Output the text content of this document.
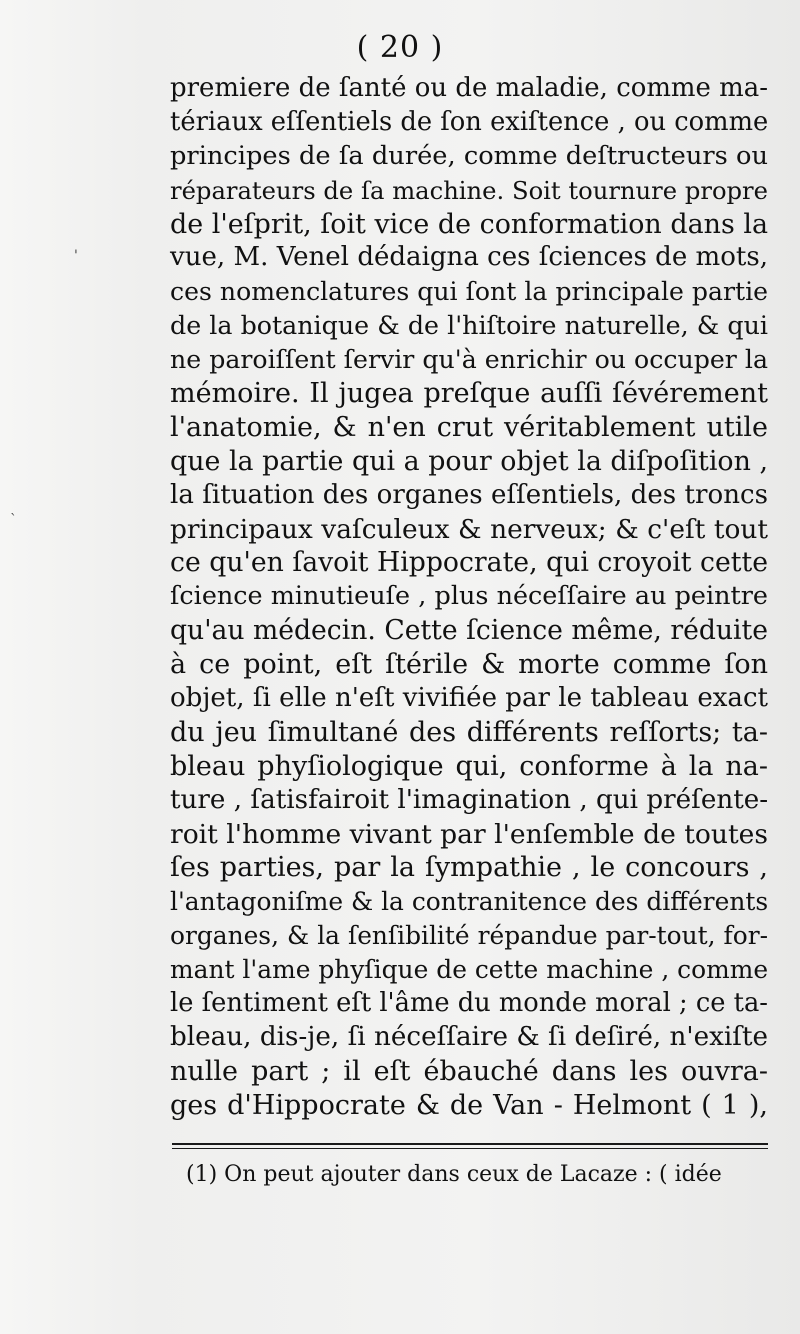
( 20 )
premiere de ſanté ou de maladie, comme ma-
tériaux eſſentiels de ſon exiſtence , ou comme
principes de ſa durée, comme deſtructeurs ou
réparateurs de ſa machine. Soit tournure propre
de l'eſprit, ſoit vice de conformation dans la
vue, M. Venel dédaigna ces ſciences de mots,
ces nomenclatures qui ſont la principale partie
de la botanique & de l'hiſtoire naturelle, & qui
ne paroiſſent ſervir qu'à enrichir ou occuper la
mémoire. Il jugea preſque auſſi ſévérement
l'anatomie, & n'en crut véritablement utile
que la partie qui a pour objet la diſpoſition ,
la ſituation des organes eſſentiels, des troncs
principaux vaſculeux & nerveux; & c'eſt tout
ce qu'en ſavoit Hippocrate, qui croyoit cette
ſcience minutieuſe , plus néceſſaire au peintre
qu'au médecin. Cette ſcience même, réduite
à ce point, eſt ſtérile & morte comme ſon
objet, ſi elle n'eſt vivifiée par le tableau exact
du jeu ſimultané des différents reſſorts; ta-
bleau phyſiologique qui, conforme à la na-
ture , ſatisfairoit l'imagination , qui préſente-
roit l'homme vivant par l'enſemble de toutes
ſes parties, par la ſympathie , le concours ,
l'antagoniſme & la contranitence des différents
organes, & la ſenſibilité répandue par-tout, for-
mant l'ame phyſique de cette machine , comme
le ſentiment eſt l'âme du monde moral ; ce ta-
bleau, dis-je, ſi néceſſaire & ſi deſiré, n'exiſte
nulle part ; il eſt ébauché dans les ouvra-
ges d'Hippocrate & de Van - Helmont ( 1 ),
(1) On peut ajouter dans ceux de Lacaze : ( idée
'
`
